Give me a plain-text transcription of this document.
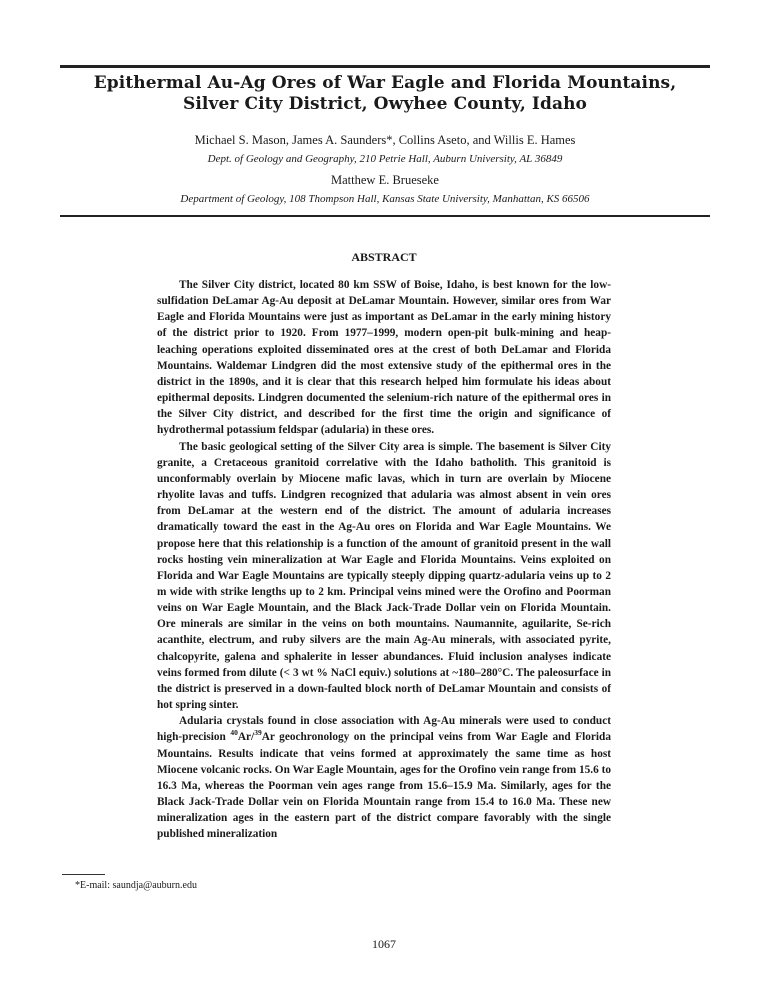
Epithermal Au-Ag Ores of War Eagle and Florida Mountains,
Silver City District, Owyhee County, Idaho

Michael S. Mason, James A. Saunders*, Collins Aseto, and Willis E. Hames

Dept. of Geology and Geography, 210 Petrie Hall, Auburn University, AL 36849

Matthew E. Brueseke

Department of Geology, 108 Thompson Hall, Kansas State University, Manhattan, KS 66506

ABSTRACT

The Silver City district, located 80 km SSW of Boise, Idaho, is best known for the low-sulfidation DeLamar Ag-Au deposit at DeLamar Mountain. However, similar ores from War Eagle and Florida Mountains were just as important as DeLamar in the early mining history of the district prior to 1920. From 1977–1999, modern open-pit bulk-mining and heap-leaching operations exploited disseminated ores at the crest of both DeLamar and Florida Mountains. Waldemar Lindgren did the most extensive study of the epithermal ores in the district in the 1890s, and it is clear that this research helped him formulate his ideas about epithermal deposits. Lindgren documented the selenium-rich nature of the epithermal ores in the Silver City district, and described for the first time the origin and significance of hydrothermal potassium feldspar (adularia) in these ores.

The basic geological setting of the Silver City area is simple. The basement is Silver City granite, a Cretaceous granitoid correlative with the Idaho batholith. This granitoid is unconformably overlain by Miocene mafic lavas, which in turn are overlain by Miocene rhyolite lavas and tuffs. Lindgren recognized that adularia was almost absent in vein ores from DeLamar at the western end of the district. The amount of adularia increases dramatically toward the east in the Ag-Au ores on Florida and War Eagle Mountains. We propose here that this relationship is a function of the amount of granitoid present in the wall rocks hosting vein mineralization at War Eagle and Florida Mountains. Veins exploited on Florida and War Eagle Mountains are typically steeply dipping quartz-adularia veins up to 2 m wide with strike lengths up to 2 km. Principal veins mined were the Orofino and Poorman veins on War Eagle Mountain, and the Black Jack-Trade Dollar vein on Florida Mountain. Ore minerals are similar in the veins on both mountains. Naumannite, aguilarite, Se-rich acanthite, electrum, and ruby silvers are the main Ag-Au minerals, with associated pyrite, chalcopyrite, galena and sphalerite in lesser abundances. Fluid inclusion analyses indicate veins formed from dilute (< 3 wt % NaCl equiv.) solutions at ~180–280°C. The paleosurface in the district is preserved in a down-faulted block north of DeLamar Mountain and consists of hot spring sinter.

Adularia crystals found in close association with Ag-Au minerals were used to conduct high-precision $^{40}$Ar/$^{39}$Ar geochronology on the principal veins from War Eagle and Florida Mountains. Results indicate that veins formed at approximately the same time as host Miocene volcanic rocks. On War Eagle Mountain, ages for the Orofino vein range from 15.6 to 16.3 Ma, whereas the Poorman vein ages range from 15.6–15.9 Ma. Similarly, ages for the Black Jack-Trade Dollar vein on Florida Mountain range from 15.4 to 16.0 Ma. These new mineralization ages in the eastern part of the district compare favorably with the single published mineralization

*E-mail: saundja@auburn.edu

1067
